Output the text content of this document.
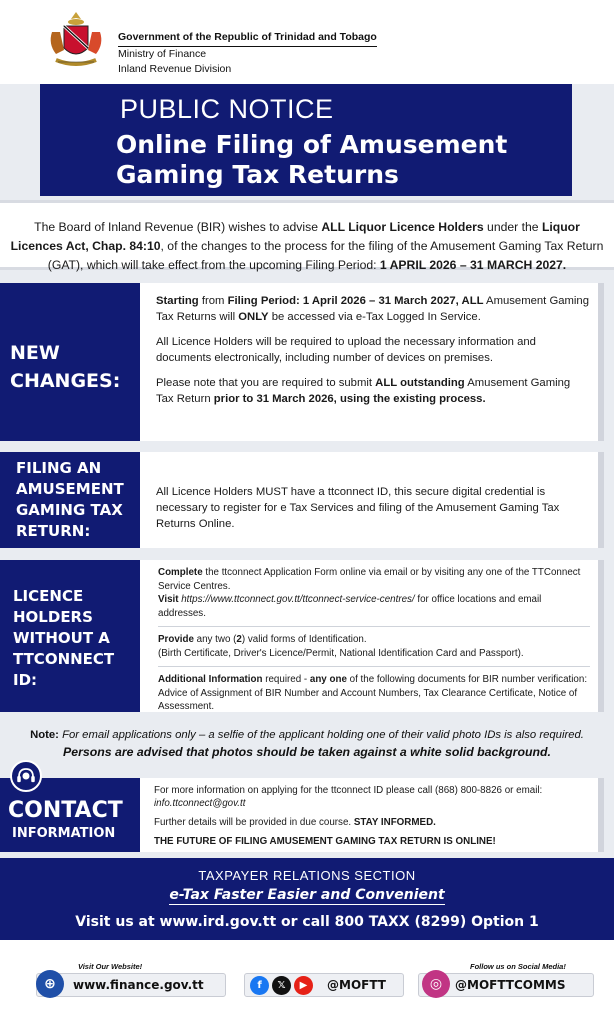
Government of the Republic of Trinidad and Tobago
Ministry of Finance
Inland Revenue Division
PUBLIC NOTICE
Online Filing of Amusement
Gaming Tax Returns
The Board of Inland Revenue (BIR) wishes to advise ALL Liquor Licence Holders under the Liquor Licences Act, Chap. 84:10, of the changes to the process for the filing of the Amusement Gaming Tax Return (GAT), which will take effect from the upcoming Filing Period: 1 APRIL 2026 – 31 MARCH 2027.
NEW
CHANGES:

Starting from Filing Period: 1 April 2026 – 31 March 2027, ALL Amusement Gaming Tax Returns will ONLY be accessed via e-Tax Logged In Service.

All Licence Holders will be required to upload the necessary information and documents electronically, including number of devices on premises.

Please note that you are required to submit ALL outstanding Amusement Gaming Tax Return prior to 31 March 2026, using the existing process.

FILING AN
AMUSEMENT
GAMING TAX
RETURN:

All Licence Holders MUST have a ttconnect ID, this secure digital credential is necessary to register for e Tax Services and filing of the Amusement Gaming Tax Returns Online.

LICENCE
HOLDERS
WITHOUT A
TTCONNECT ID:
Complete the ttconnect Application Form online via email or by visiting any one of the TTConnect Service Centres.
Visit https://www.ttconnect.gov.tt/ttconnect-service-centres/ for office locations and email addresses.
Provide any two (2) valid forms of Identification.
(Birth Certificate, Driver's Licence/Permit, National Identification Card and Passport).
Additional Information required - any one of the following documents for BIR number verification: Advice of Assignment of BIR Number and Account Numbers, Tax Clearance Certificate, Notice of Assessment.
Note: For email applications only – a selfie of the applicant holding one of their valid photo IDs is also required.
Persons are advised that photos should be taken against a white solid background.
CONTACT
INFORMATION

For more information on applying for the ttconnect ID please call (868) 800-8826 or email:
info.ttconnect@gov.tt

Further details will be provided in due course. STAY INFORMED.

THE FUTURE OF FILING AMUSEMENT GAMING TAX RETURN IS ONLINE!

TAXPAYER RELATIONS SECTION
e-Tax Faster Easier and Convenient
Visit us at www.ird.gov.tt or call 800 TAXX (8299) Option 1
Visit Our Website!
www.finance.gov.tt
⊕	@MOFTT
f	𝕏	▶
Follow us on Social Media!
@MOFTTCOMMS
◎
